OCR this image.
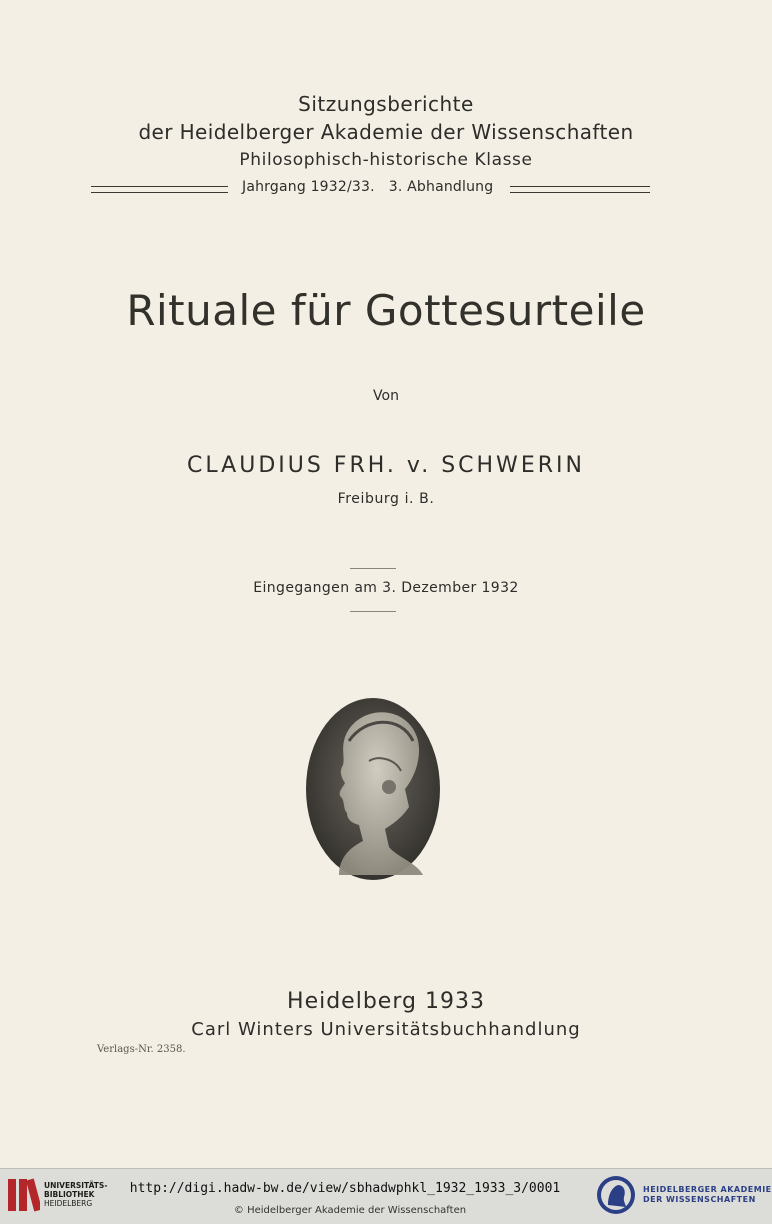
Sitzungsberichte
der Heidelberger Akademie der Wissenschaften
Philosophisch-historische Klasse
Jahrgang 1932/33.   3. Abhandlung
Rituale für Gottesurteile
Von
CLAUDIUS FRH. v. SCHWERIN
Freiburg i. B.
Eingegangen am 3. Dezember 1932
Heidelberg 1933
Carl Winters Universitätsbuchhandlung
Verlags-Nr. 2358.
UNIVERSITÄTS-
BIBLIOTHEK
HEIDELBERG
http://digi.hadw-bw.de/view/sbhadwphkl_1932_1933_3/0001
© Heidelberger Akademie der Wissenschaften
HEIDELBERGER AKADEMIE
DER WISSENSCHAFTEN
